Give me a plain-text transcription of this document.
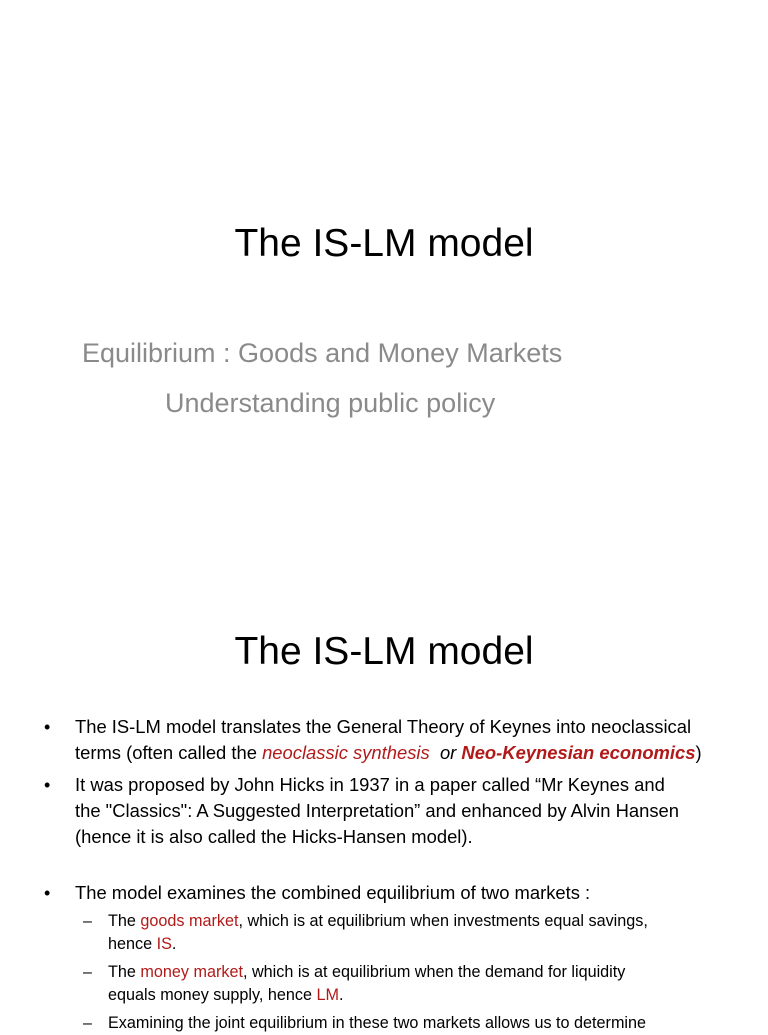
The IS-LM model
Equilibrium : Goods and Money Markets
Understanding public policy
The IS-LM model
• The IS-LM model translates the General Theory of Keynes into neoclassical
terms (often called the neoclassic synthesis or Neo-Keynesian economics)
• It was proposed by John Hicks in 1937 in a paper called “Mr Keynes and
the "Classics": A Suggested Interpretation” and enhanced by Alvin Hansen
(hence it is also called the Hicks-Hansen model).
• The model examines the combined equilibrium of two markets :
– The goods market, which is at equilibrium when investments equal savings,
hence IS.
– The money market, which is at equilibrium when the demand for liquidity
equals money supply, hence LM.
– Examining the joint equilibrium in these two markets allows us to determine
